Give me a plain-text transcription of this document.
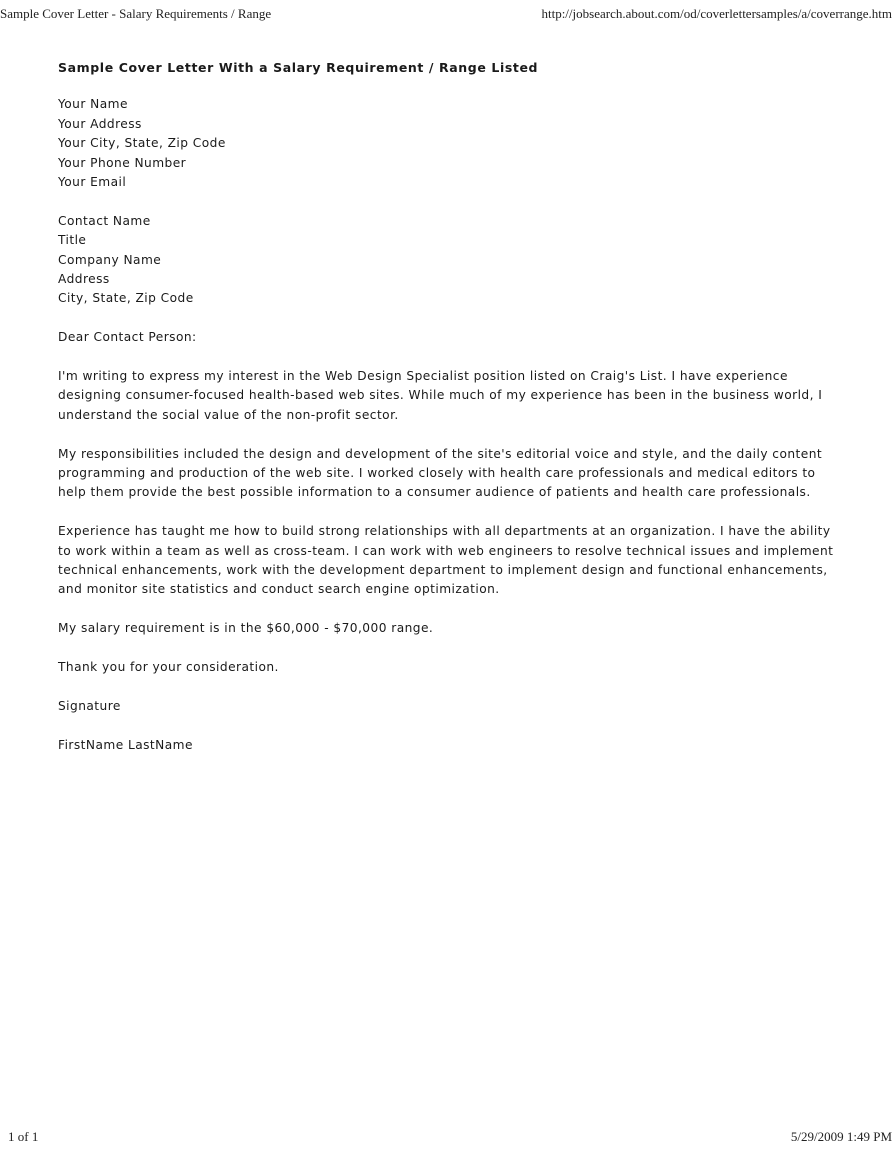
Sample Cover Letter - Salary Requirements / Range	http://jobsearch.about.com/od/coverlettersamples/a/coverrange.htm
Sample Cover Letter With a Salary Requirement / Range Listed
Your Name
Your Address
Your City, State, Zip Code
Your Phone Number
Your Email
Contact Name
Title
Company Name
Address
City, State, Zip Code

Dear Contact Person:

I'm writing to express my interest in the Web Design Specialist position listed on Craig's List. I have experience
designing consumer-focused health-based web sites. While much of my experience has been in the business world, I
understand the social value of the non-profit sector.

My responsibilities included the design and development of the site's editorial voice and style, and the daily content
programming and production of the web site. I worked closely with health care professionals and medical editors to
help them provide the best possible information to a consumer audience of patients and health care professionals.

Experience has taught me how to build strong relationships with all departments at an organization. I have the ability
to work within a team as well as cross-team. I can work with web engineers to resolve technical issues and implement
technical enhancements, work with the development department to implement design and functional enhancements,
and monitor site statistics and conduct search engine optimization.

My salary requirement is in the $60,000 - $70,000 range.

Thank you for your consideration.

Signature

FirstName LastName

1 of 1	5/29/2009 1:49 PM
